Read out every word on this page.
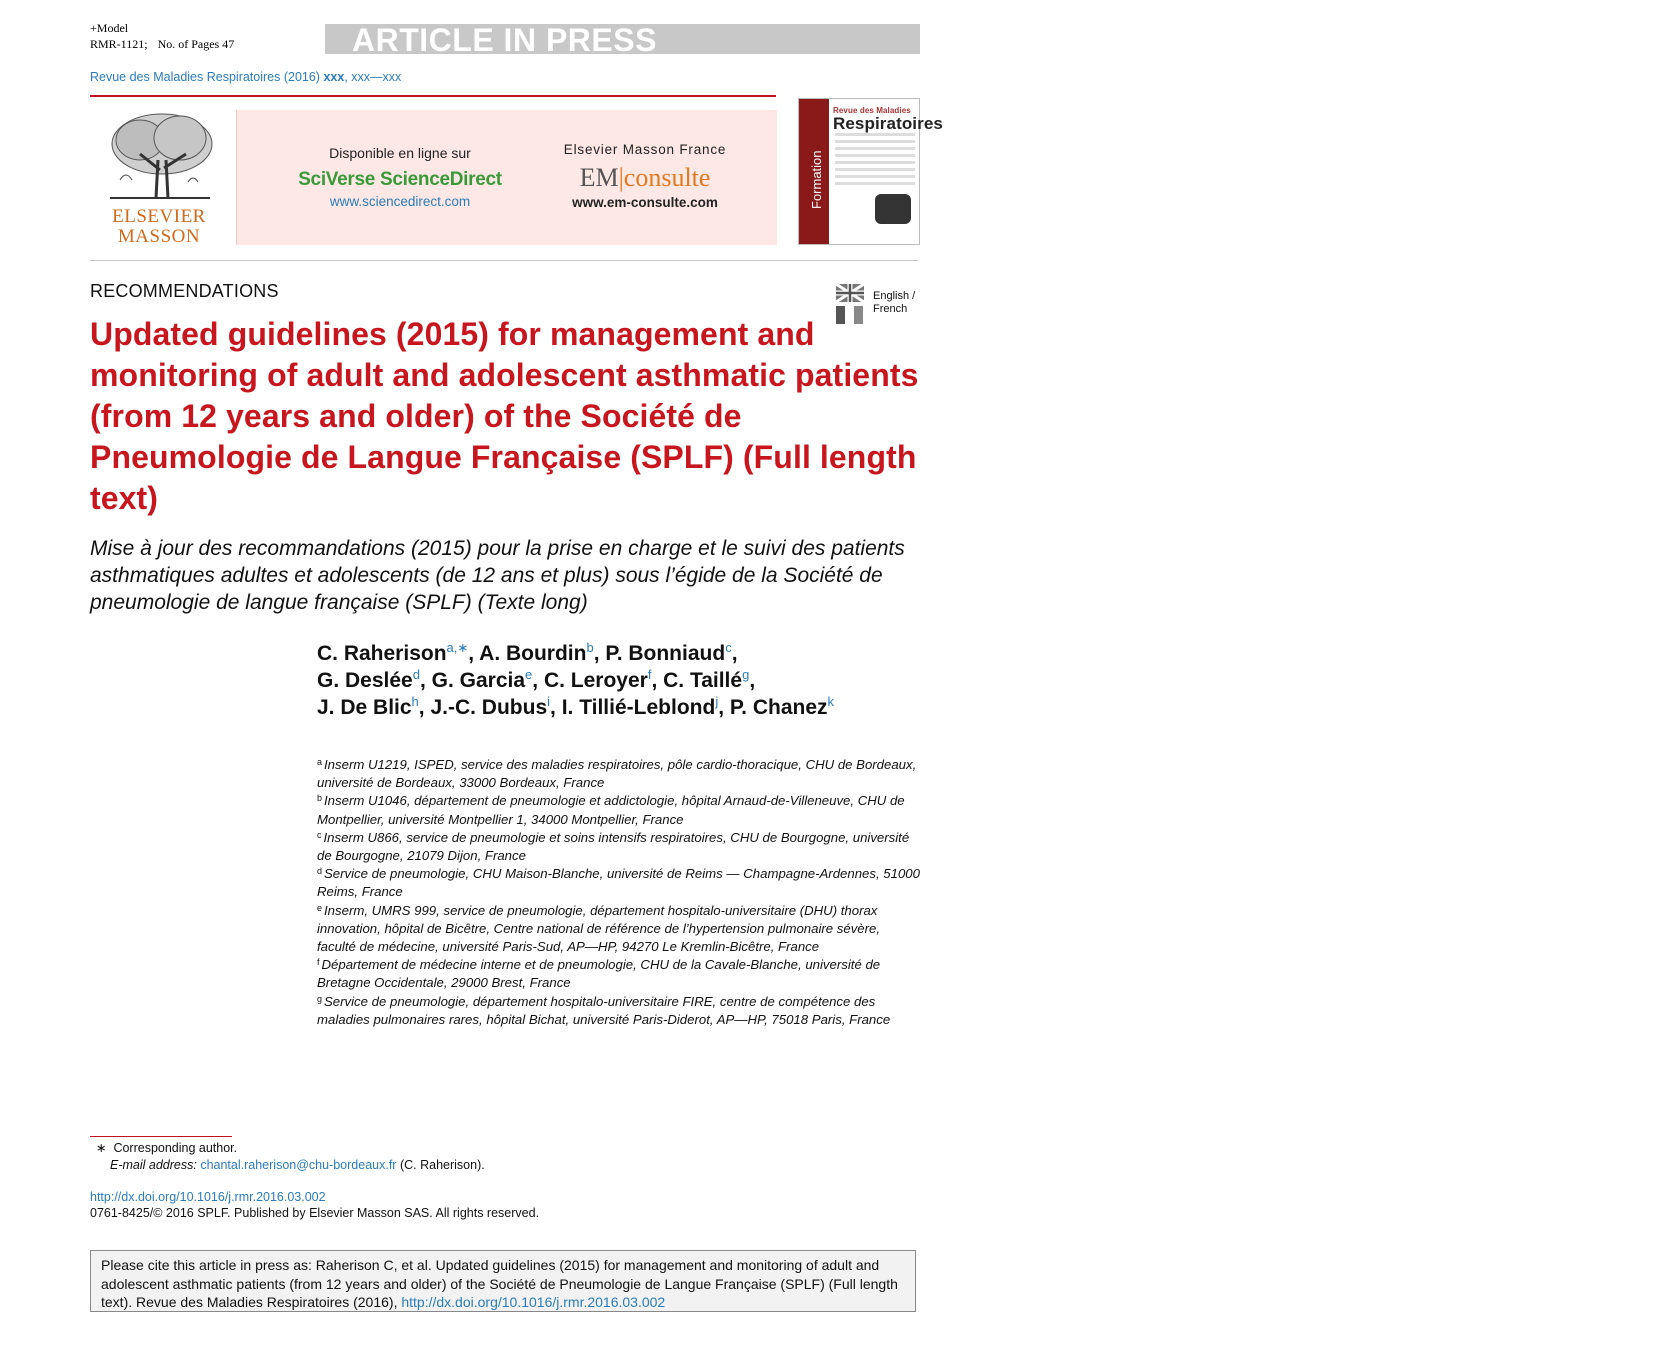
+Model
RMR-1121; No. of Pages 47	ARTICLE IN PRESS
Revue des Maladies Respiratoires (2016) xxx, xxx—xxx
ELSEVIER
MASSON
Disponible en ligne sur
SciVerse ScienceDirect
www.sciencedirect.com
Elsevier Masson France
EM|consulte
www.em-consulte.com	Formation
Revue des Maladies
Respiratoires
RECOMMENDATIONS	English /
French
Updated guidelines (2015) for management and monitoring of adult and adolescent asthmatic patients (from 12 years and older) of the Société de Pneumologie de Langue Française (SPLF) (Full length text)
Mise à jour des recommandations (2015) pour la prise en charge et le suivi des patients asthmatiques adultes et adolescents (de 12 ans et plus) sous l’égide de la Société de pneumologie de langue française (SPLF) (Texte long)
C. Raherison$^{a,∗}$, A. Bourdin$^b$, P. Bonniaud$^c$,
G. Deslée$^d$, G. Garcia$^e$, C. Leroyer$^f$, C. Taillé$^g$,
J. De Blic$^h$, J.-C. Dubus$^i$, I. Tillié-Leblond$^j$, P. Chanez$^k$

$^a$ Inserm U1219, ISPED, service des maladies respiratoires, pôle cardio-thoracique, CHU de Bordeaux, université de Bordeaux, 33000 Bordeaux, France

$^b$ Inserm U1046, département de pneumologie et addictologie, hôpital Arnaud-de-Villeneuve, CHU de Montpellier, université Montpellier 1, 34000 Montpellier, France

$^c$ Inserm U866, service de pneumologie et soins intensifs respiratoires, CHU de Bourgogne, université de Bourgogne, 21079 Dijon, France

$^d$ Service de pneumologie, CHU Maison-Blanche, université de Reims — Champagne-Ardennes, 51000 Reims, France

$^e$ Inserm, UMRS 999, service de pneumologie, département hospitalo-universitaire (DHU) thorax innovation, hôpital de Bicêtre, Centre national de référence de l’hypertension pulmonaire sévère, faculté de médecine, université Paris-Sud, AP—HP, 94270 Le Kremlin-Bicêtre, France

$^f$ Département de médecine interne et de pneumologie, CHU de la Cavale-Blanche, université de Bretagne Occidentale, 29000 Brest, France

$^g$ Service de pneumologie, département hospitalo-universitaire FIRE, centre de compétence des maladies pulmonaires rares, hôpital Bichat, université Paris-Diderot, AP—HP, 75018 Paris, France

∗ Corresponding author.
E-mail address: chantal.raherison@chu-bordeaux.fr (C. Raherison).
http://dx.doi.org/10.1016/j.rmr.2016.03.002
0761-8425/© 2016 SPLF. Published by Elsevier Masson SAS. All rights reserved.
Please cite this article in press as: Raherison C, et al. Updated guidelines (2015) for management and monitoring of adult and adolescent asthmatic patients (from 12 years and older) of the Société de Pneumologie de Langue Française (SPLF) (Full length text). Revue des Maladies Respiratoires (2016), http://dx.doi.org/10.1016/j.rmr.2016.03.002
